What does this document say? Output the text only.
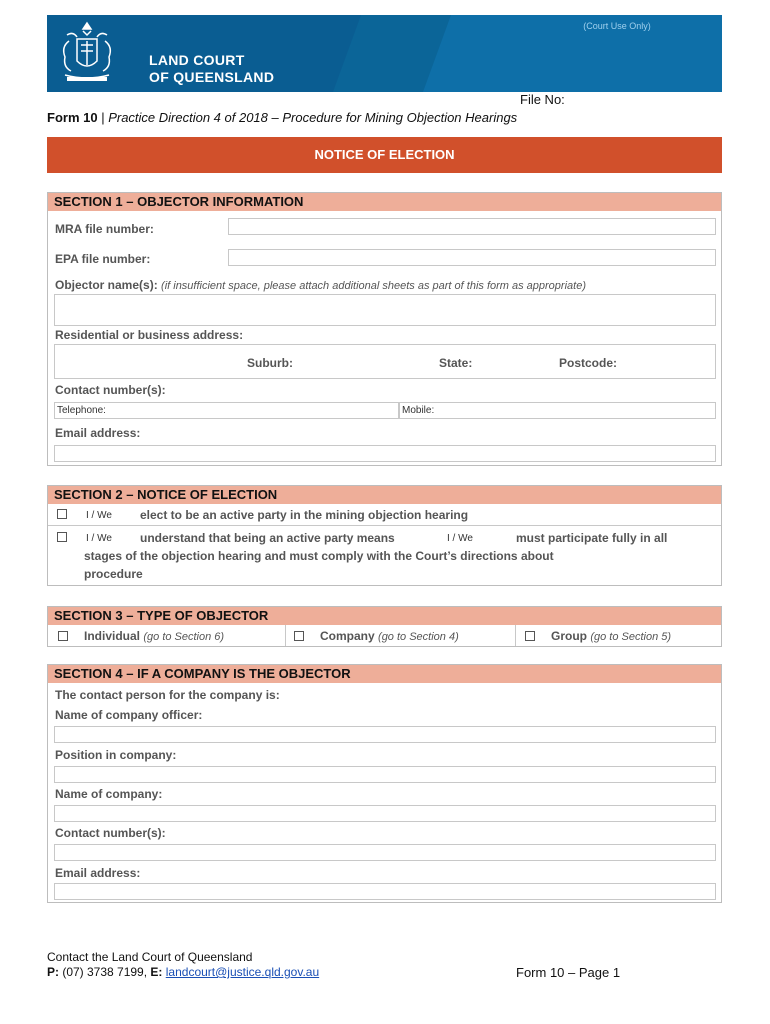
LAND COURT
OF QUEENSLAND
(Court Use Only)
File No:
Form 10 | Practice Direction 4 of 2018 – Procedure for Mining Objection Hearings
NOTICE OF ELECTION
SECTION 1 – OBJECTOR INFORMATION
MRA file number:
EPA file number:
Objector name(s): (if insufficient space, please attach additional sheets as part of this form as appropriate)
Residential or business address:
Suburb:	State:	Postcode:
Contact number(s):
Telephone:	Mobile:
Email address:
SECTION 2 – NOTICE OF ELECTION
I / We elect to be an active party in the mining objection hearing
I / We understand that being an active party means	I / We	must participate fully in all
stages of the objection hearing and must comply with the Court’s directions about
procedure
SECTION 3 – TYPE OF OBJECTOR
Individual (go to Section 6)	Company (go to Section 4)	Group (go to Section 5)
SECTION 4 – IF A COMPANY IS THE OBJECTOR
The contact person for the company is:
Name of company officer:
Position in company:
Name of company:
Contact number(s):
Email address:
Contact the Land Court of Queensland
P: (07) 3738 7199, E: landcourt@justice.qld.gov.au	Form 10 – Page 1
